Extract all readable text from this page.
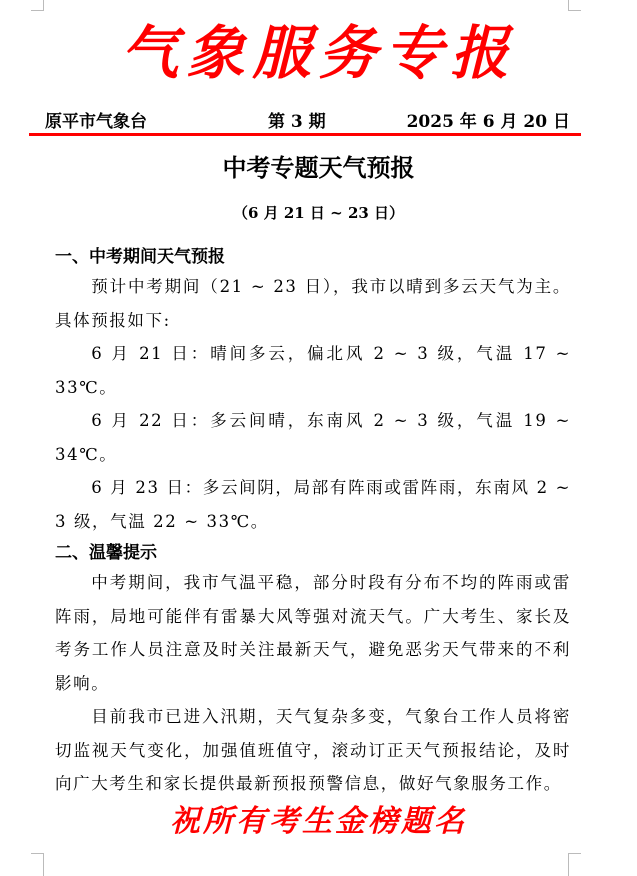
气象服务专报
原平市气象台	第 3 期	2025 年 6 月 20 日
中考专题天气预报
（6 月 21 日 ~ 23 日）
一、中考期间天气预报

预计中考期间（21 ~ 23 日），我市以晴到多云天气为主。具体预报如下:

6 月 21 日：晴间多云，偏北风 2 ~ 3 级，气温 17 ~ 33℃。

6 月 22 日：多云间晴，东南风 2 ~ 3 级，气温 19 ~ 34℃。

6 月 23 日：多云间阴，局部有阵雨或雷阵雨，东南风 2 ~ 3 级，气温 22 ~ 33℃。

二、温馨提示

中考期间，我市气温平稳，部分时段有分布不均的阵雨或雷阵雨，局地可能伴有雷暴大风等强对流天气。广大考生、家长及考务工作人员注意及时关注最新天气，避免恶劣天气带来的不利影响。

目前我市已进入汛期，天气复杂多变，气象台工作人员将密切监视天气变化，加强值班值守，滚动订正天气预报结论，及时向广大考生和家长提供最新预报预警信息，做好气象服务工作。

祝所有考生金榜题名
